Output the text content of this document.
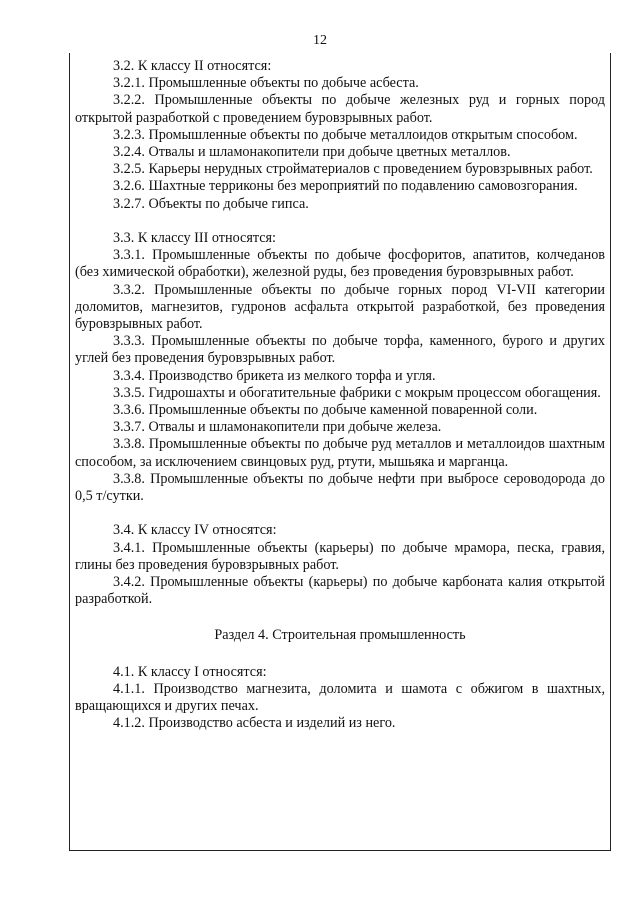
12

3.2. К классу II относятся:

3.2.1. Промышленные объекты по добыче асбеста.

3.2.2. Промышленные объекты по добыче железных руд и горных пород открытой разработкой с проведением буровзрывных работ.

3.2.3. Промышленные объекты по добыче металлоидов открытым способом.

3.2.4. Отвалы и шламонакопители при добыче цветных металлов.

3.2.5. Карьеры нерудных стройматериалов с проведением буровзрывных работ.

3.2.6. Шахтные терриконы без мероприятий по подавлению самовозгорания.

3.2.7. Объекты по добыче гипса.

3.3. К классу III относятся:

3.3.1. Промышленные объекты по добыче фосфоритов, апатитов, колчеданов (без химической обработки), железной руды, без проведения буровзрывных работ.

3.3.2. Промышленные объекты по добыче горных пород VI-VII категории доломитов, магнезитов, гудронов асфальта открытой разработкой, без проведения буровзрывных работ.

3.3.3. Промышленные объекты по добыче торфа, каменного, бурого и других углей без проведения буровзрывных работ.

3.3.4. Производство брикета из мелкого торфа и угля.

3.3.5. Гидрошахты и обогатительные фабрики с мокрым процессом обогащения.

3.3.6. Промышленные объекты по добыче каменной поваренной соли.

3.3.7. Отвалы и шламонакопители при добыче железа.

3.3.8. Промышленные объекты по добыче руд металлов и металлоидов шахтным способом, за исключением свинцовых руд, ртути, мышьяка и марганца.

3.3.8. Промышленные объекты по добыче нефти при выбросе сероводорода до 0,5 т/сутки.

3.4. К классу IV относятся:

3.4.1. Промышленные объекты (карьеры) по добыче мрамора, песка, гравия, глины без проведения буровзрывных работ.

3.4.2. Промышленные объекты (карьеры) по добыче карбоната калия открытой разработкой.

Раздел 4. Строительная промышленность

4.1. К классу I относятся:

4.1.1. Производство магнезита, доломита и шамота с обжигом в шахтных, вращающихся и других печах.

4.1.2. Производство асбеста и изделий из него.
